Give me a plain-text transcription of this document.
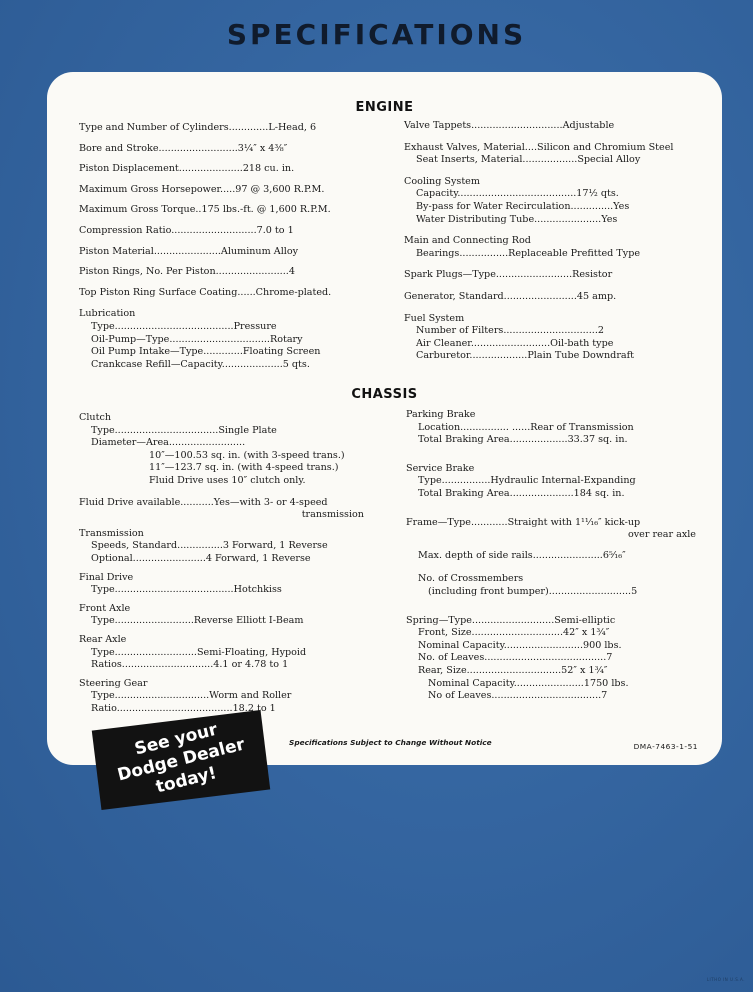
SPECIFICATIONS
ENGINE
Type and Number of Cylinders.............L-Head, 6
Bore and Stroke..........................3¼″ x 4⅜″
Piston Displacement.....................218 cu. in.
Maximum Gross Horsepower.....97 @ 3,600 R.P.M.
Maximum Gross Torque..175 lbs.-ft. @ 1,600 R.P.M.
Compression Ratio............................7.0 to 1
Piston Material......................Aluminum Alloy
Piston Rings, No. Per Piston........................4
Top Piston Ring Surface Coating......Chrome-plated.
Lubrication
Type.......................................Pressure
Oil-Pump—Type.................................Rotary
Oil Pump Intake—Type.............Floating Screen
Crankcase Refill—Capacity....................5 qts.
Valve Tappets..............................Adjustable
Exhaust Valves, Material....Silicon and Chromium Steel
Seat Inserts, Material..................Special Alloy
Cooling System
Capacity.......................................17½ qts.
By-pass for Water Recirculation..............Yes
Water Distributing Tube......................Yes
Main and Connecting Rod
Bearings................Replaceable Prefitted Type
Spark Plugs—Type.........................Resistor
Generator, Standard........................45 amp.
Fuel System
Number of Filters...............................2
Air Cleaner..........................Oil-bath type
Carburetor...................Plain Tube Downdraft
CHASSIS
Clutch
Type..................................Single Plate
Diameter—Area.........................
10″—100.53 sq. in. (with 3-speed trans.)
11″—123.7 sq. in. (with 4-speed trans.)
Fluid Drive uses 10″ clutch only.
Fluid Drive available...........Yes—with 3- or 4-speed
transmission
Transmission
Speeds, Standard...............3 Forward, 1 Reverse
Optional........................4 Forward, 1 Reverse
Final Drive
Type.......................................Hotchkiss
Front Axle
Type..........................Reverse Elliott I-Beam
Rear Axle
Type...........................Semi-Floating, Hypoid
Ratios..............................4.1 or 4.78 to 1
Steering Gear
Type...............................Worm and Roller
Ratio......................................18.2 to 1
Parking Brake
Location................ ......Rear of Transmission
Total Braking Area...................33.37 sq. in.
Service Brake
Type................Hydraulic Internal-Expanding
Total Braking Area.....................184 sq. in.
Frame—Type............Straight with 1¹¹⁄₁₆″ kick-up
over rear axle
Max. depth of side rails.......................6⁵⁄₁₆″
No. of Crossmembers
(including front bumper)...........................5
Spring—Type...........................Semi-elliptic
Front, Size..............................42″ x 1¾″
Nominal Capacity..........................900 lbs.
No. of Leaves........................................7
Rear, Size...............................52″ x 1¾″
Nominal Capacity.......................1750 lbs.
No of Leaves....................................7
Specifications Subject to Change Without Notice	DMA-7463-1-51
See your
Dodge Dealer
today!
LITHO IN U.S.A.
